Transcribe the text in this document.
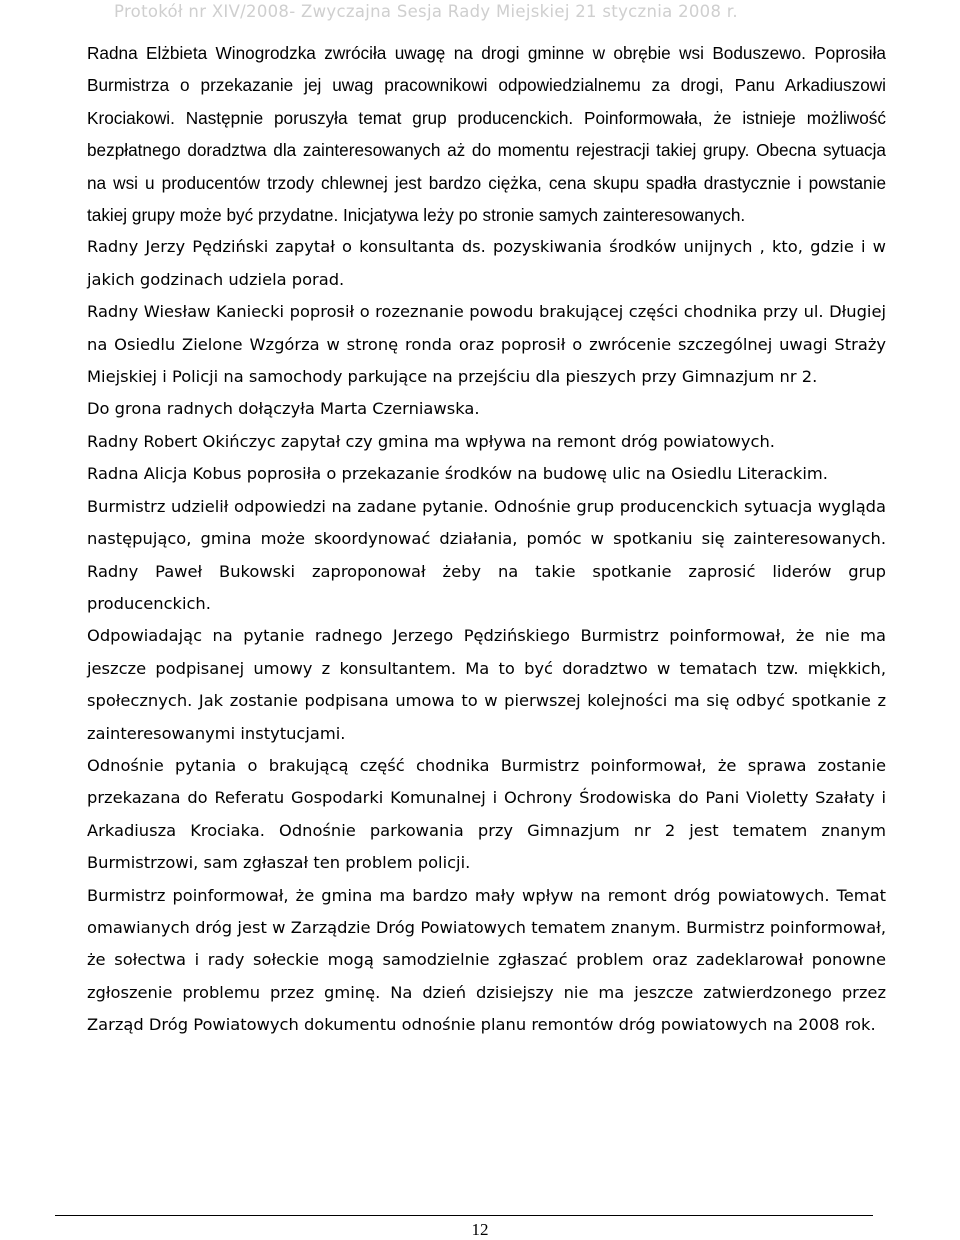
Protokół nr XIV/2008- Zwyczajna Sesja Rady Miejskiej 21 stycznia 2008 r.

Radna Elżbieta Winogrodzka zwróciła uwagę na drogi gminne w obrębie wsi Boduszewo. Poprosiła Burmistrza o przekazanie jej uwag pracownikowi odpowiedzialnemu za drogi, Panu Arkadiuszowi Krociakowi. Następnie poruszyła temat grup producenckich. Poinformowała, że istnieje możliwość bezpłatnego doradztwa dla zainteresowanych aż do momentu rejestracji takiej grupy. Obecna sytuacja na wsi u producentów trzody chlewnej jest bardzo ciężka, cena skupu spadła drastycznie i powstanie takiej grupy może być przydatne. Inicjatywa leży po stronie samych zainteresowanych.

Radny Jerzy Pędziński zapytał o konsultanta ds. pozyskiwania środków unijnych , kto, gdzie i w jakich godzinach udziela porad.

Radny Wiesław Kaniecki poprosił o rozeznanie powodu brakującej części chodnika przy ul. Długiej na Osiedlu Zielone Wzgórza w stronę ronda oraz poprosił o zwrócenie szczególnej uwagi Straży Miejskiej i Policji na samochody parkujące na przejściu dla pieszych przy Gimnazjum nr 2.

Do grona radnych dołączyła Marta Czerniawska.

Radny Robert Okińczyc zapytał czy gmina ma wpływa na remont dróg powiatowych.

Radna Alicja Kobus poprosiła o przekazanie środków na budowę ulic na Osiedlu Literackim.

Burmistrz udzielił odpowiedzi na zadane pytanie. Odnośnie grup producenckich sytuacja wygląda następująco, gmina może skoordynować działania, pomóc w spotkaniu się zainteresowanych. Radny Paweł Bukowski zaproponował żeby na takie spotkanie zaprosić liderów grup producenckich.

Odpowiadając na pytanie radnego Jerzego Pędzińskiego Burmistrz poinformował, że nie ma jeszcze podpisanej umowy z konsultantem. Ma to być doradztwo w tematach tzw. miękkich, społecznych. Jak zostanie podpisana umowa to w pierwszej kolejności ma się odbyć spotkanie z zainteresowanymi instytucjami.

Odnośnie pytania o brakującą część chodnika Burmistrz poinformował, że sprawa zostanie przekazana do Referatu Gospodarki Komunalnej i Ochrony Środowiska do Pani Violetty Szałaty i Arkadiusza Krociaka. Odnośnie parkowania przy Gimnazjum nr 2 jest tematem znanym Burmistrzowi, sam zgłaszał ten problem policji.

Burmistrz poinformował, że gmina ma bardzo mały wpływ na remont dróg powiatowych. Temat omawianych dróg jest w Zarządzie Dróg Powiatowych tematem znanym. Burmistrz poinformował, że sołectwa i rady sołeckie mogą samodzielnie zgłaszać problem oraz zadeklarował ponowne zgłoszenie problemu przez gminę. Na dzień dzisiejszy nie ma jeszcze zatwierdzonego przez Zarząd Dróg Powiatowych dokumentu odnośnie planu remontów dróg powiatowych na 2008 rok.

12
